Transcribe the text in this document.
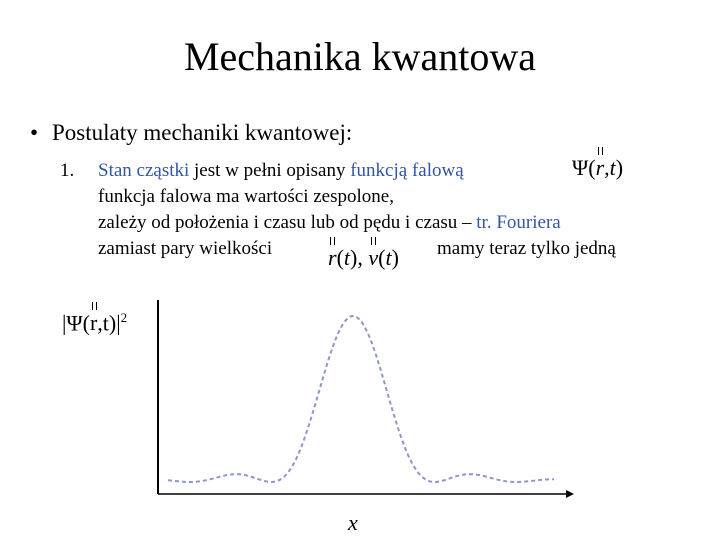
Mechanika kwantowa
• Postulaty mechaniki kwantowej:
1. Stan cząstki jest w pełni opisany funkcją falową
funkcja falowa ma wartości zespolone,
zależy od położenia i czasu lub od pędu i czasu – tr. Fouriera
zamiast pary wielkości	mamy teraz tylko jedną
Ψ(r,t)
r(t), v(t)
$|\Psi(r,t)|^2$
x
